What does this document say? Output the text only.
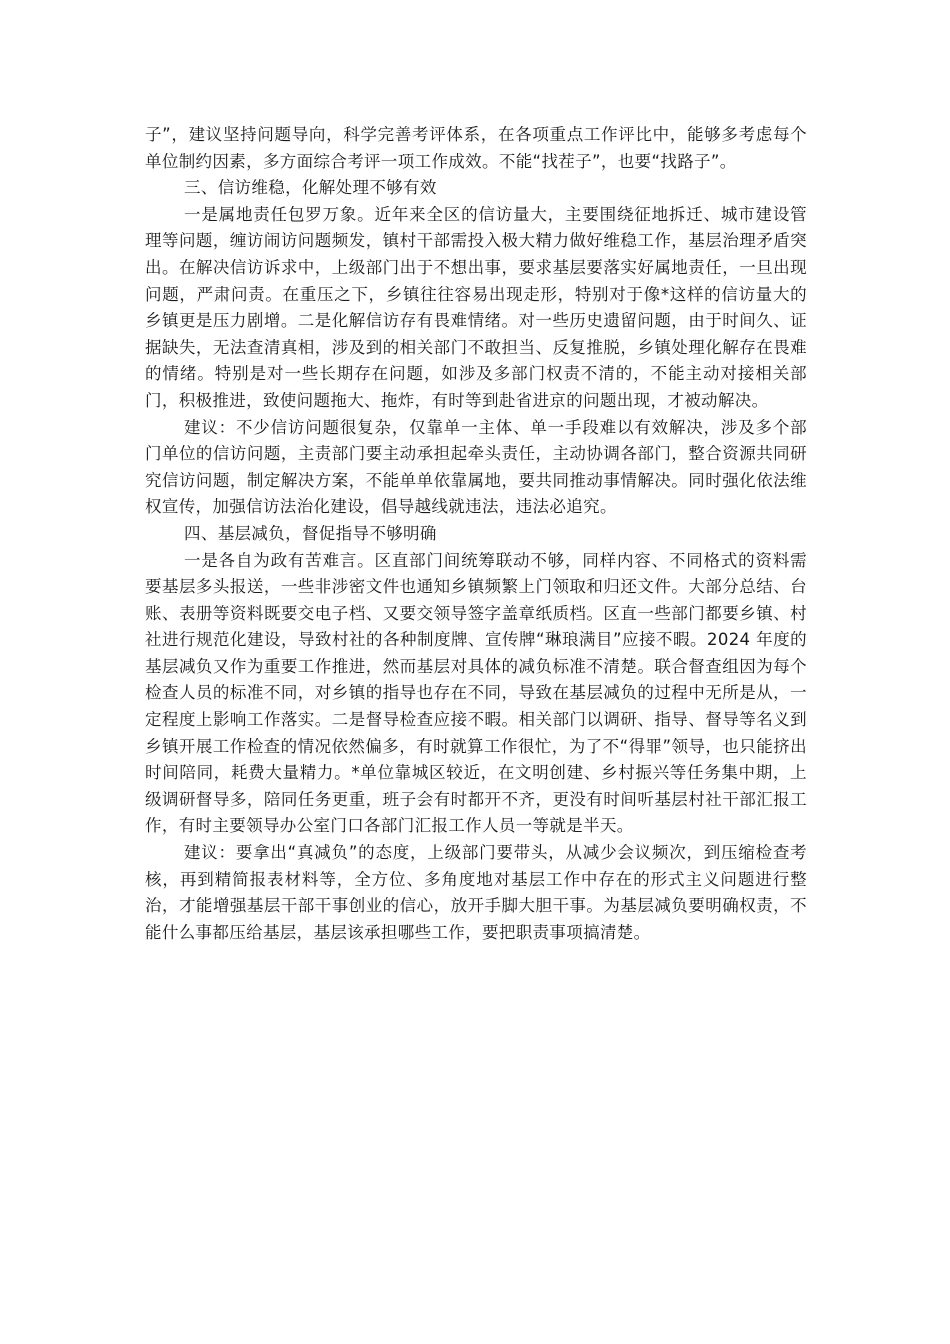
子”，建议坚持问题导向，科学完善考评体系，在各项重点工作评比中，能够多考虑每个单位制约因素，多方面综合考评一项工作成效。不能“找茬子”，也要“找路子”。

三、信访维稳，化解处理不够有效

一是属地责任包罗万象。近年来全区的信访量大，主要围绕征地拆迁、城市建设管理等问题，缠访闹访问题频发，镇村干部需投入极大精力做好维稳工作，基层治理矛盾突出。在解决信访诉求中，上级部门出于不想出事，要求基层要落实好属地责任，一旦出现问题，严肃问责。在重压之下，乡镇往往容易出现走形，特别对于像*这样的信访量大的乡镇更是压力剧增。二是化解信访存有畏难情绪。对一些历史遗留问题，由于时间久、证据缺失，无法查清真相，涉及到的相关部门不敢担当、反复推脱，乡镇处理化解存在畏难的情绪。特别是对一些长期存在问题，如涉及多部门权责不清的，不能主动对接相关部门，积极推进，致使问题拖大、拖炸，有时等到赴省进京的问题出现，才被动解决。

建议：不少信访问题很复杂，仅靠单一主体、单一手段难以有效解决，涉及多个部门单位的信访问题，主责部门要主动承担起牵头责任，主动协调各部门，整合资源共同研究信访问题，制定解决方案，不能单单依靠属地，要共同推动事情解决。同时强化依法维权宣传，加强信访法治化建设，倡导越线就违法，违法必追究。

四、基层减负，督促指导不够明确

一是各自为政有苦难言。区直部门间统筹联动不够，同样内容、不同格式的资料需要基层多头报送，一些非涉密文件也通知乡镇频繁上门领取和归还文件。大部分总结、台账、表册等资料既要交电子档、又要交领导签字盖章纸质档。区直一些部门都要乡镇、村社进行规范化建设，导致村社的各种制度牌、宣传牌“琳琅满目”应接不暇。2024 年度的基层减负又作为重要工作推进，然而基层对具体的减负标准不清楚。联合督查组因为每个检查人员的标准不同，对乡镇的指导也存在不同，导致在基层减负的过程中无所是从，一定程度上影响工作落实。二是督导检查应接不暇。相关部门以调研、指导、督导等名义到乡镇开展工作检查的情况依然偏多，有时就算工作很忙，为了不“得罪”领导，也只能挤出时间陪同，耗费大量精力。*单位靠城区较近，在文明创建、乡村振兴等任务集中期，上级调研督导多，陪同任务更重，班子会有时都开不齐，更没有时间听基层村社干部汇报工作，有时主要领导办公室门口各部门汇报工作人员一等就是半天。

建议：要拿出“真减负”的态度，上级部门要带头，从减少会议频次，到压缩检查考核，再到精简报表材料等，全方位、多角度地对基层工作中存在的形式主义问题进行整治，才能增强基层干部干事创业的信心，放开手脚大胆干事。为基层减负要明确权责，不能什么事都压给基层，基层该承担哪些工作，要把职责事项搞清楚。
